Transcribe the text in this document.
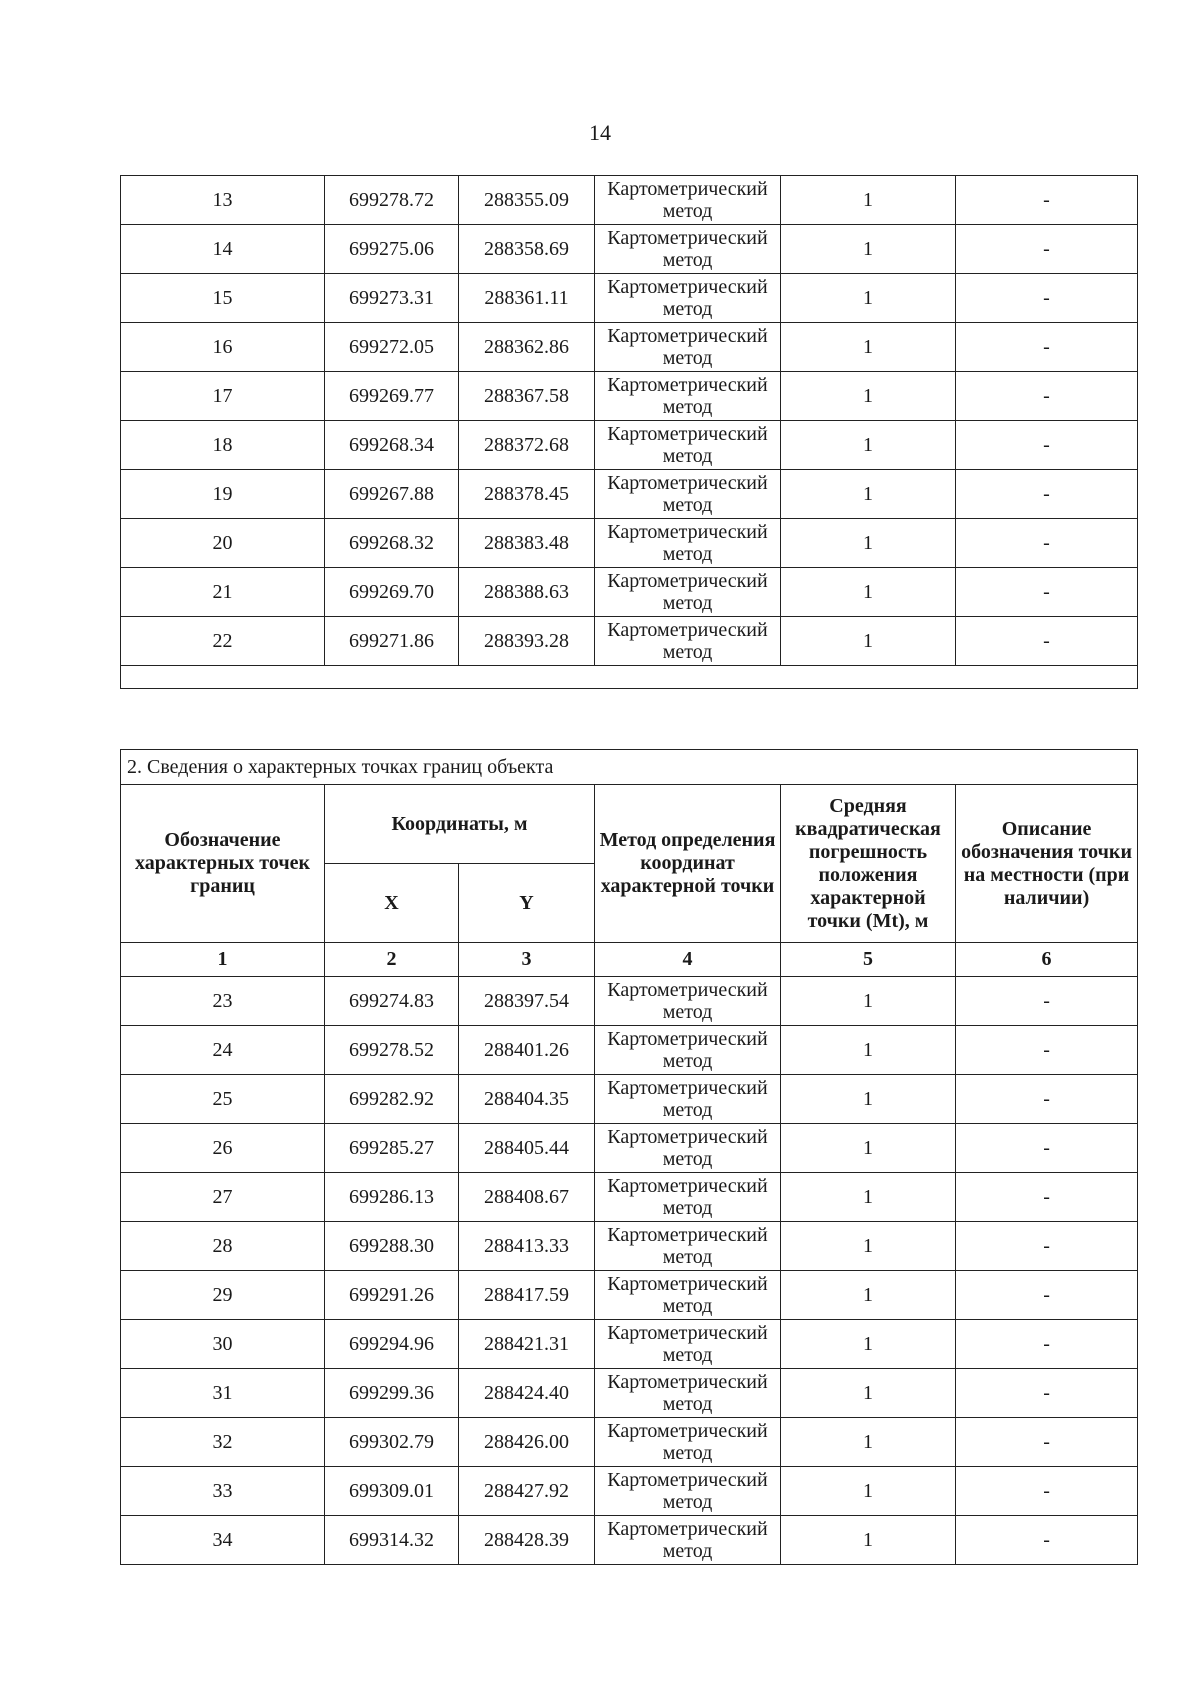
14
13	699278.72	288355.09	Картометрический метод	1	-
14	699275.06	288358.69	Картометрический метод	1	-
15	699273.31	288361.11	Картометрический метод	1	-
16	699272.05	288362.86	Картометрический метод	1	-
17	699269.77	288367.58	Картометрический метод	1	-
18	699268.34	288372.68	Картометрический метод	1	-
19	699267.88	288378.45	Картометрический метод	1	-
20	699268.32	288383.48	Картометрический метод	1	-
21	699269.70	288388.63	Картометрический метод	1	-
22	699271.86	288393.28	Картометрический метод	1	-

2. Сведения о характерных точках границ объекта					
Обозначение характерных точек границ	Координаты, м		Метод определения координат характерной точки	Средняя квадратическая погрешность положения характерной точки (Mt), м	Описание обозначения точки на местности (при наличии)
	X	Y			
1	2	3	4	5	6
23	699274.83	288397.54	Картометрический метод	1	-
24	699278.52	288401.26	Картометрический метод	1	-
25	699282.92	288404.35	Картометрический метод	1	-
26	699285.27	288405.44	Картометрический метод	1	-
27	699286.13	288408.67	Картометрический метод	1	-
28	699288.30	288413.33	Картометрический метод	1	-
29	699291.26	288417.59	Картометрический метод	1	-
30	699294.96	288421.31	Картометрический метод	1	-
31	699299.36	288424.40	Картометрический метод	1	-
32	699302.79	288426.00	Картометрический метод	1	-
33	699309.01	288427.92	Картометрический метод	1	-
34	699314.32	288428.39	Картометрический метод	1	-
